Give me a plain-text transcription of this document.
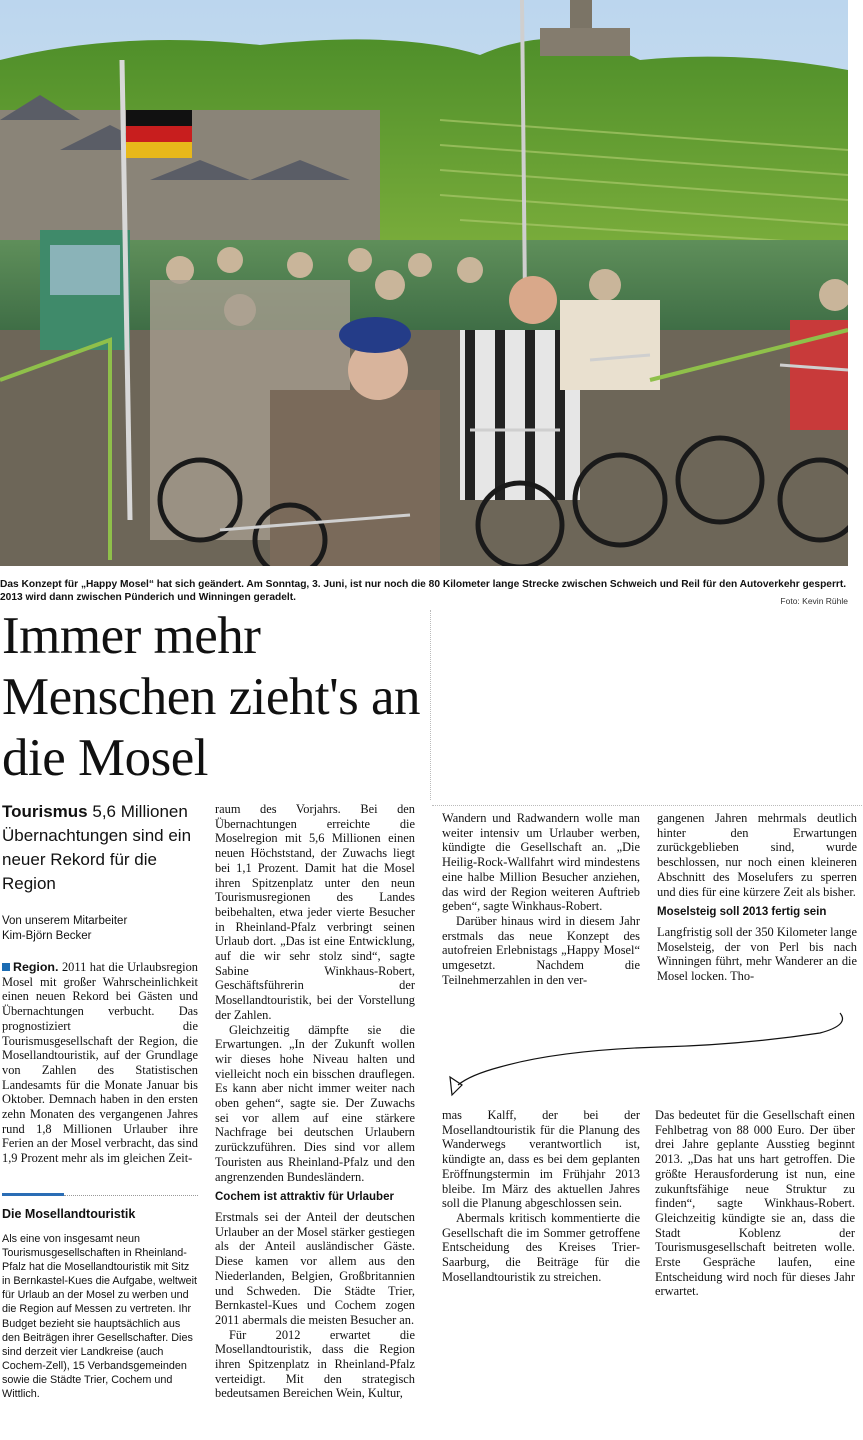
Das Konzept für „Happy Mosel“ hat sich geändert. Am Sonntag, 3. Juni, ist nur noch die 80 Kilometer lange Strecke zwischen Schweich und Reil für den Autoverkehr gesperrt. 2013 wird dann zwischen Pünderich und Winningen geradelt.	Foto: Kevin Rühle
Immer mehr Menschen zieht's an die Mosel
Tourismus 5,6 Millionen Übernachtungen sind ein neuer Rekord für die Region
Von unserem Mitarbeiter
Kim-Björn Becker

Region. 2011 hat die Urlaubsregion Mosel mit großer Wahrscheinlichkeit einen neuen Rekord bei Gästen und Übernachtungen verbucht. Das prognostiziert die Tourismusgesellschaft der Region, die Mosellandtouristik, auf der Grundlage von Zahlen des Statistischen Landesamts für die Monate Januar bis Oktober. Demnach haben in den ersten zehn Monaten des vergangenen Jahres rund 1,8 Millionen Urlauber ihre Ferien an der Mosel verbracht, das sind 1,9 Prozent mehr als im gleichen Zeit-

Die Mosellandtouristik
Als eine von insgesamt neun Tourismusgesellschaften in Rheinland-Pfalz hat die Mosellandtouristik mit Sitz in Bernkastel-Kues die Aufgabe, weltweit für Urlaub an der Mosel zu werben und die Region auf Messen zu vertreten. Ihr Budget bezieht sie hauptsächlich aus den Beiträgen ihrer Gesellschafter. Dies sind derzeit vier Landkreise (auch Cochem-Zell), 15 Verbandsgemeinden sowie die Städte Trier, Cochem und Wittlich.

raum des Vorjahrs. Bei den Übernachtungen erreichte die Moselregion mit 5,6 Millionen einen neuen Höchststand, der Zuwachs liegt bei 1,1 Prozent. Damit hat die Mosel ihren Spitzenplatz unter den neun Tourismusregionen des Landes beibehalten, etwa jeder vierte Besucher in Rheinland-Pfalz verbringt seinen Urlaub dort. „Das ist eine Entwicklung, auf die wir sehr stolz sind“, sagte Sabine Winkhaus-Robert, Geschäftsführerin der Mosellandtouristik, bei der Vorstellung der Zahlen.

Gleichzeitig dämpfte sie die Erwartungen. „In der Zukunft wollen wir dieses hohe Niveau halten und vielleicht noch ein bisschen drauflegen. Es kann aber nicht immer weiter nach oben gehen“, sagte sie. Der Zuwachs sei vor allem auf eine stärkere Nachfrage bei deutschen Urlaubern zurückzuführen. Dies sind vor allem Touristen aus Rheinland-Pfalz und den angrenzenden Bundesländern.

Cochem ist attraktiv für Urlauber

Erstmals sei der Anteil der deutschen Urlauber an der Mosel stärker gestiegen als der Anteil ausländischer Gäste. Diese kamen vor allem aus den Niederlanden, Belgien, Großbritannien und Schweden. Die Städte Trier, Bernkastel-Kues und Cochem zogen 2011 abermals die meisten Besucher an.

Für 2012 erwartet die Mosellandtouristik, dass die Region ihren Spitzenplatz in Rheinland-Pfalz verteidigt. Mit den strategisch bedeutsamen Bereichen Wein, Kultur,

Wandern und Radwandern wolle man weiter intensiv um Urlauber werben, kündigte die Gesellschaft an. „Die Heilig-Rock-Wallfahrt wird mindestens eine halbe Million Besucher anziehen, das wird der Region weiteren Auftrieb geben“, sagte Winkhaus-Robert.

Darüber hinaus wird in diesem Jahr erstmals das neue Konzept des autofreien Erlebnistags „Happy Mosel“ umgesetzt. Nachdem die Teilnehmerzahlen in den ver-

mas Kalff, der bei der Mosellandtouristik für die Planung des Wanderwegs verantwortlich ist, kündigte an, dass es bei dem geplanten Eröffnungstermin im Frühjahr 2013 bleibe. Im März des aktuellen Jahres soll die Planung abgeschlossen sein.

Abermals kritisch kommentierte die Gesellschaft die im Sommer getroffene Entscheidung des Kreises Trier-Saarburg, die Beiträge für die Mosellandtouristik zu streichen.

gangenen Jahren mehrmals deutlich hinter den Erwartungen zurückgeblieben sind, wurde beschlossen, nur noch einen kleineren Abschnitt des Moselufers zu sperren und dies für eine kürzere Zeit als bisher.

Moselsteig soll 2013 fertig sein

Langfristig soll der 350 Kilometer lange Moselsteig, der von Perl bis nach Winningen führt, mehr Wanderer an die Mosel locken. Tho-

Das bedeutet für die Gesellschaft einen Fehlbetrag von 88 000 Euro. Der über drei Jahre geplante Ausstieg beginnt 2013. „Das hat uns hart getroffen. Die größte Herausforderung ist nun, eine zukunftsfähige neue Struktur zu finden“, sagte Winkhaus-Robert. Gleichzeitig kündigte sie an, dass die Stadt Koblenz der Tourismusgesellschaft beitreten wolle. Erste Gespräche laufen, eine Entscheidung wird noch für dieses Jahr erwartet.
